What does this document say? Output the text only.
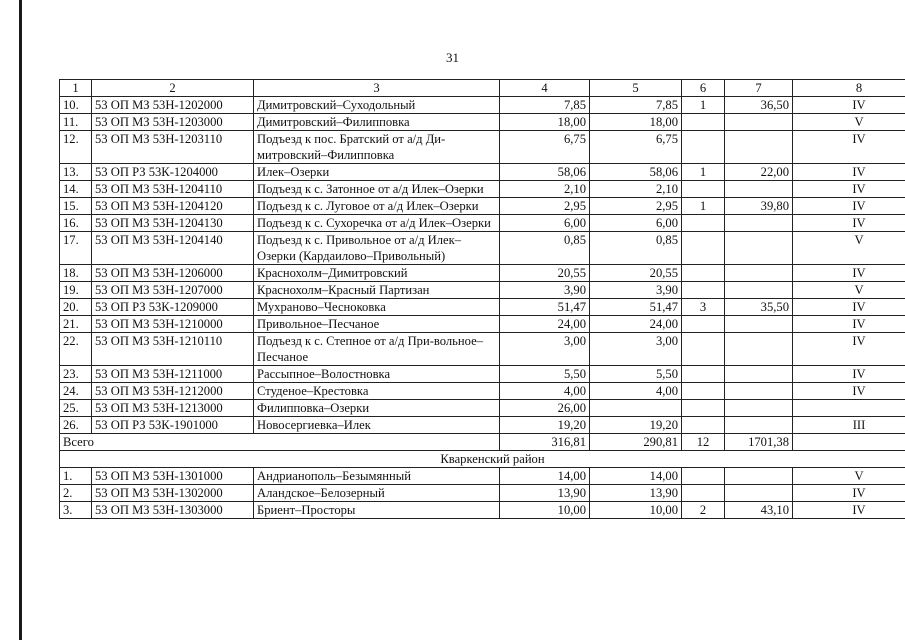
31
1	2	3	4	5	6	7	8
10.	53 ОП МЗ 53Н-1202000	Димитровский–Суходольный	7,85	7,85	1	36,50	IV
11.	53 ОП МЗ 53Н-1203000	Димитровский–Филипповка	18,00	18,00			V
12.	53 ОП МЗ 53Н-1203110	Подъезд к пос. Братский от а/д Ди-митровский–Филипповка	6,75	6,75			IV
13.	53 ОП РЗ 53К-1204000	Илек–Озерки	58,06	58,06	1	22,00	IV
14.	53 ОП МЗ 53Н-1204110	Подъезд к с. Затонное от а/д Илек–Озерки	2,10	2,10			IV
15.	53 ОП МЗ 53Н-1204120	Подъезд к с. Луговое от а/д Илек–Озерки	2,95	2,95	1	39,80	IV
16.	53 ОП МЗ 53Н-1204130	Подъезд к с. Сухоречка от а/д Илек–Озерки	6,00	6,00			IV
17.	53 ОП МЗ 53Н-1204140	Подъезд к с. Привольное от а/д Илек–Озерки (Кардаилово–Привольный)	0,85	0,85			V
18.	53 ОП МЗ 53Н-1206000	Краснохолм–Димитровский	20,55	20,55			IV
19.	53 ОП МЗ 53Н-1207000	Краснохолм–Красный Партизан	3,90	3,90			V
20.	53 ОП РЗ 53К-1209000	Мухраново–Чесноковка	51,47	51,47	3	35,50	IV
21.	53 ОП МЗ 53Н-1210000	Привольное–Песчаное	24,00	24,00			IV
22.	53 ОП МЗ 53Н-1210110	Подъезд к с. Степное от а/д При-вольное–Песчаное	3,00	3,00			IV
23.	53 ОП МЗ 53Н-1211000	Рассыпное–Волостновка	5,50	5,50			IV
24.	53 ОП МЗ 53Н-1212000	Студеное–Крестовка	4,00	4,00			IV
25.	53 ОП МЗ 53Н-1213000	Филипповка–Озерки	26,00				
26.	53 ОП РЗ 53К-1901000	Новосергиевка–Илек	19,20	19,20			III
Всего			316,81	290,81	12	1701,38	
Кваркенский район							
1.	53 ОП МЗ 53Н-1301000	Андрианополь–Безымянный	14,00	14,00			V
2.	53 ОП МЗ 53Н-1302000	Аландское–Белозерный	13,90	13,90			IV
3.	53 ОП МЗ 53Н-1303000	Бриент–Просторы	10,00	10,00	2	43,10	IV
